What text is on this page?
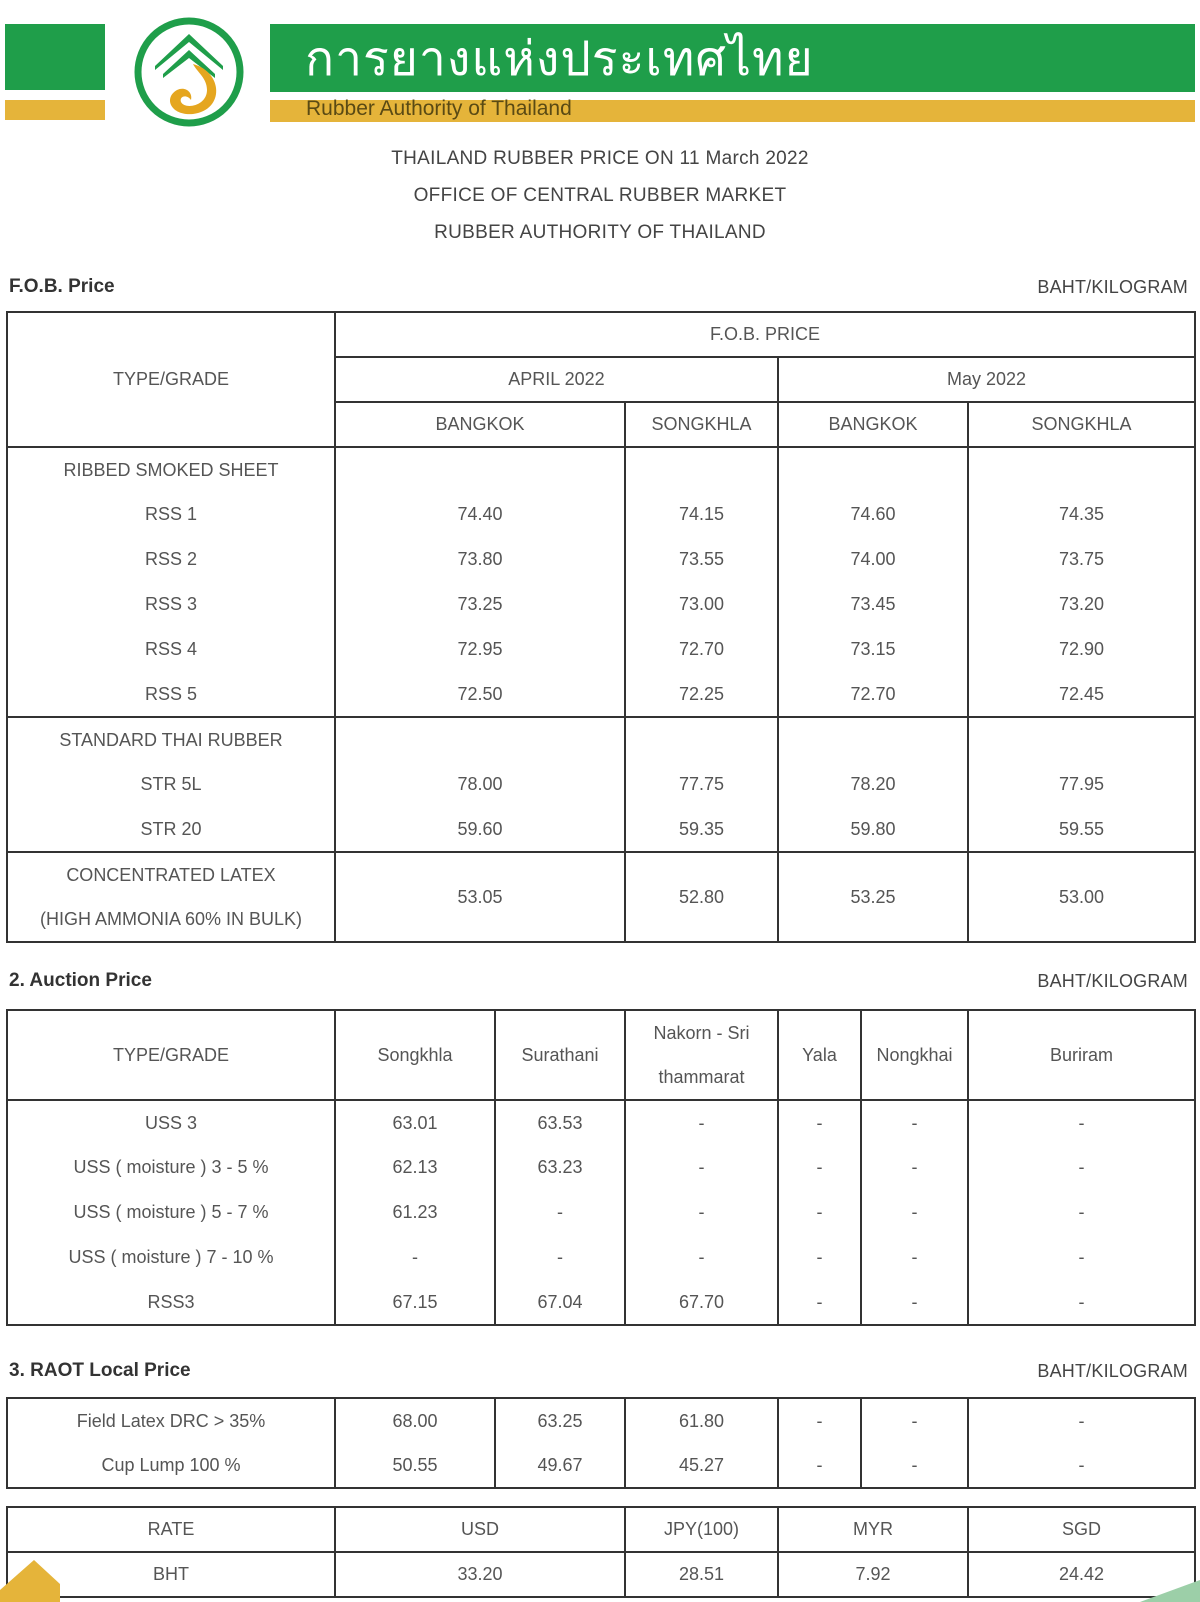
การยางแห่งประเทศไทย
Rubber Authority of Thailand
THAILAND RUBBER PRICE ON 11 March 2022
OFFICE OF CENTRAL RUBBER MARKET
RUBBER AUTHORITY OF THAILAND
F.O.B. Price	BAHT/KILOGRAM
TYPE/GRADE	F.O.B. PRICE			
	APRIL 2022		May 2022	
	BANGKOK	SONGKHLA	BANGKOK	SONGKHLA
RIBBED SMOKED SHEET				
RSS 1	74.40	74.15	74.60	74.35
RSS 2	73.80	73.55	74.00	73.75
RSS 3	73.25	73.00	73.45	73.20
RSS 4	72.95	72.70	73.15	72.90
RSS 5	72.50	72.25	72.70	72.45
STANDARD THAI RUBBER				
STR 5L	78.00	77.75	78.20	77.95
STR 20	59.60	59.35	59.80	59.55
CONCENTRATED LATEX	53.05	52.80	53.25	53.00
(HIGH AMMONIA 60% IN BULK)				
2. Auction Price	BAHT/KILOGRAM
TYPE/GRADE	Songkhla	Surathani	Nakorn - Sri thammarat	Yala	Nongkhai	Buriram
USS 3	63.01	63.53	-	-	-	-
USS ( moisture ) 3 - 5 %	62.13	63.23	-	-	-	-
USS ( moisture ) 5 - 7 %	61.23	-	-	-	-	-
USS ( moisture ) 7 - 10 %	-	-	-	-	-	-
RSS3	67.15	67.04	67.70	-	-	-
3. RAOT Local Price	BAHT/KILOGRAM
Field Latex DRC > 35%	68.00	63.25	61.80	-	-	-
Cup Lump 100 %	50.55	49.67	45.27	-	-	-
RATE	USD	JPY(100)	MYR	SGD
BHT	33.20	28.51	7.92	24.42
